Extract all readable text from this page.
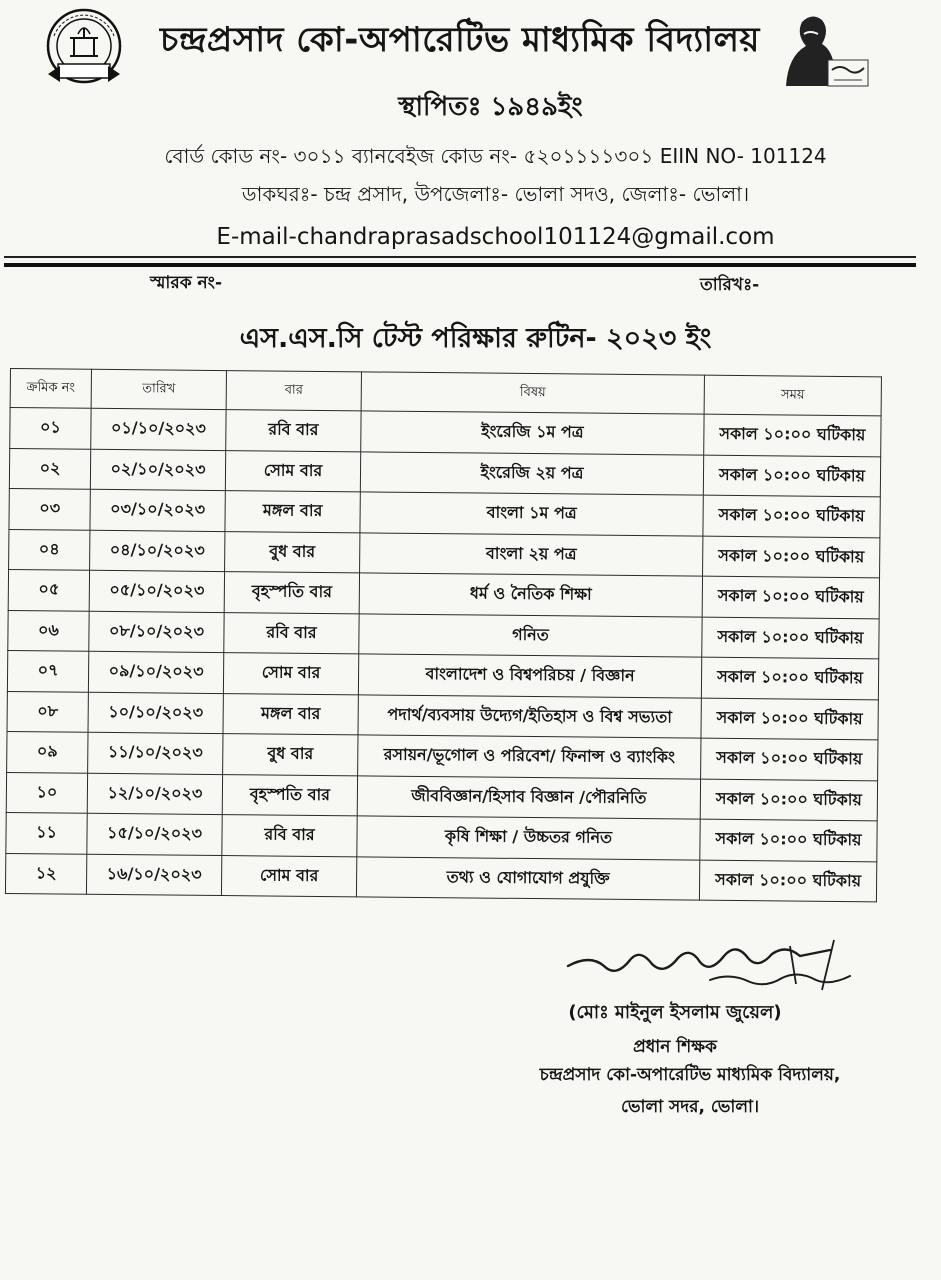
চন্দ্রপ্রসাদ কো-অপারেটিভ মাধ্যমিক বিদ্যালয়
স্থাপিতঃ ১৯৪৯ইং
বোর্ড কোড নং- ৩০১১ ব্যানবেইজ কোড নং- ৫২০১১১১৩০১ EIIN NO- 101124
ডাকঘরঃ- চন্দ্র প্রসাদ, উপজেলাঃ- ভোলা সদও, জেলাঃ- ভোলা।
E-mail-chandraprasadschool101124@gmail.com
স্মারক নং-	তারিখঃ-
এস.এস.সি টেস্ট পরিক্ষার রুটিন- ২০২৩ ইং
ক্রমিক নং	তারিখ	বার	বিষয়	সময়
০১	০১/১০/২০২৩	রবি বার	ইংরেজি ১ম পত্র	সকাল ১০:০০ ঘটিকায়
০২	০২/১০/২০২৩	সোম বার	ইংরেজি ২য় পত্র	সকাল ১০:০০ ঘটিকায়
০৩	০৩/১০/২০২৩	মঙ্গল বার	বাংলা ১ম পত্র	সকাল ১০:০০ ঘটিকায়
০৪	০৪/১০/২০২৩	বুধ বার	বাংলা ২য় পত্র	সকাল ১০:০০ ঘটিকায়
০৫	০৫/১০/২০২৩	বৃহস্পতি বার	ধর্ম ও নৈতিক শিক্ষা	সকাল ১০:০০ ঘটিকায়
০৬	০৮/১০/২০২৩	রবি বার	গনিত	সকাল ১০:০০ ঘটিকায়
০৭	০৯/১০/২০২৩	সোম বার	বাংলাদেশ ও বিশ্বপরিচয় / বিজ্ঞান	সকাল ১০:০০ ঘটিকায়
০৮	১০/১০/২০২৩	মঙ্গল বার	পদার্থ/ব্যবসায় উদ্যেগ/ইতিহাস ও বিশ্ব সভ্যতা	সকাল ১০:০০ ঘটিকায়
০৯	১১/১০/২০২৩	বুধ বার	রসায়ন/ভূগোল ও পরিবেশ/ ফিনান্স ও ব্যাংকিং	সকাল ১০:০০ ঘটিকায়
১০	১২/১০/২০২৩	বৃহস্পতি বার	জীববিজ্ঞান/হিসাব বিজ্ঞান /পৌরনিতি	সকাল ১০:০০ ঘটিকায়
১১	১৫/১০/২০২৩	রবি বার	কৃষি শিক্ষা / উচ্চতর গনিত	সকাল ১০:০০ ঘটিকায়
১২	১৬/১০/২০২৩	সোম বার	তথ্য ও যোগাযোগ প্রযুক্তি	সকাল ১০:০০ ঘটিকায়
(মোঃ মাইনুল ইসলাম জুয়েল)
প্রধান শিক্ষক
চন্দ্রপ্রসাদ কো-অপারেটিভ মাধ্যমিক বিদ্যালয়,
ভোলা সদর, ভোলা।
